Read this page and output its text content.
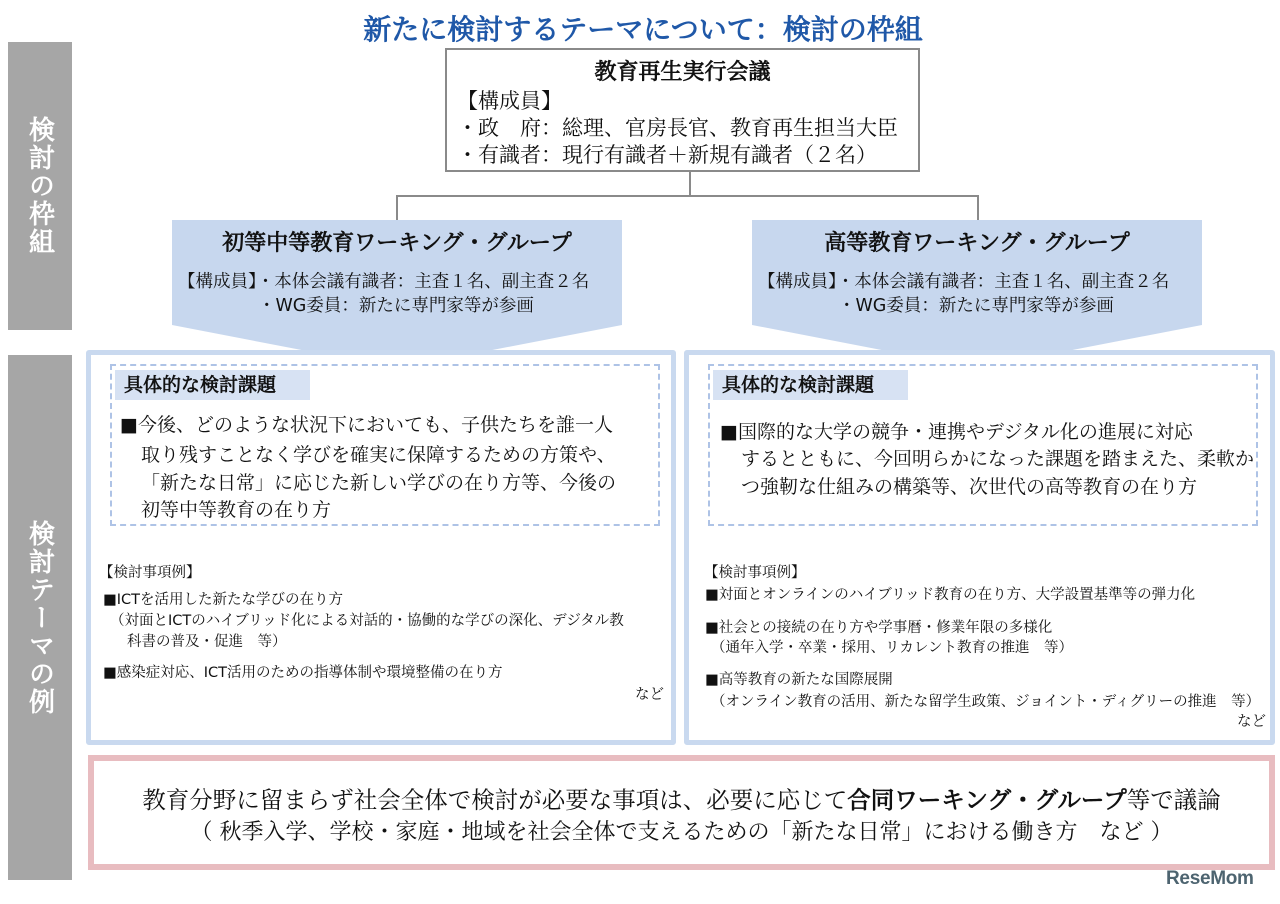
新たに検討するテーマについて：検討の枠組
検討の枠組
検討テーマの例
教育再生実行会議
【構成員】
・政　府：総理、官房長官、教育再生担当大臣
・有識者：現行有識者＋新規有識者（２名）
初等中等教育ワーキング・グループ
【構成員】・本体会議有識者：主査１名、副主査２名
・WG委員：新たに専門家等が参画
高等教育ワーキング・グループ
【構成員】・本体会議有識者：主査１名、副主査２名
・WG委員：新たに専門家等が参画
具体的な検討課題
■今後、どのような状況下においても、子供たちを誰一人
取り残すことなく学びを確実に保障するための方策や、
「新たな日常」に応じた新しい学びの在り方等、今後の
初等中等教育の在り方
【検討事項例】
■ICTを活用した新たな学びの在り方
（対面とICTのハイブリッド化による対話的・協働的な学びの深化、デジタル教
科書の普及・促進　等）
■感染症対応、ICT活用のための指導体制や環境整備の在り方
など
具体的な検討課題
■国際的な大学の競争・連携やデジタル化の進展に対応
するとともに、今回明らかになった課題を踏まえた、柔軟か
つ強靭な仕組みの構築等、次世代の高等教育の在り方
【検討事項例】
■対面とオンラインのハイブリッド教育の在り方、大学設置基準等の弾力化
■社会との接続の在り方や学事暦・修業年限の多様化
（通年入学・卒業・採用、リカレント教育の推進　等）
■高等教育の新たな国際展開
（オンライン教育の活用、新たな留学生政策、ジョイント・ディグリーの推進　等）
など
教育分野に留まらず社会全体で検討が必要な事項は、必要に応じて合同ワーキング・グループ等で議論
（ 秋季入学、学校・家庭・地域を社会全体で支えるための「新たな日常」における働き方　など ）
ReseMom
